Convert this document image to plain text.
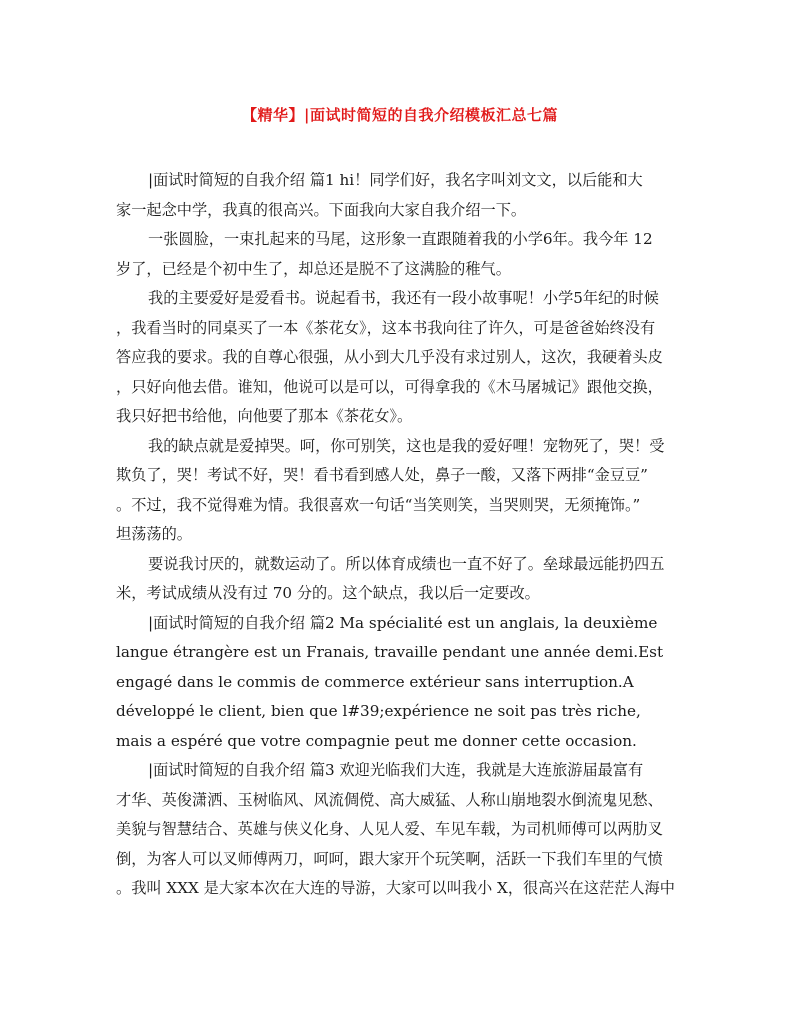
【精华】|面试时简短的自我介绍模板汇总七篇
|面试时简短的自我介绍 篇1 hi！同学们好，我名字叫刘文文，以后能和大
家一起念中学，我真的很高兴。下面我向大家自我介绍一下。
一张圆脸，一束扎起来的马尾，这形象一直跟随着我的小学6年。我今年 12
岁了，已经是个初中生了，却总还是脱不了这满脸的稚气。
我的主要爱好是爱看书。说起看书，我还有一段小故事呢！小学5年纪的时候
，我看当时的同桌买了一本《茶花女》，这本书我向往了许久，可是爸爸始终没有
答应我的要求。我的自尊心很强，从小到大几乎没有求过别人，这次，我硬着头皮
，只好向他去借。谁知，他说可以是可以，可得拿我的《木马屠城记》跟他交换，
我只好把书给他，向他要了那本《茶花女》。
我的缺点就是爱掉哭。呵，你可别笑，这也是我的爱好哩！宠物死了，哭！受
欺负了，哭！考试不好，哭！看书看到感人处，鼻子一酸，又落下两排“金豆豆”
。不过，我不觉得难为情。我很喜欢一句话“当笑则笑，当哭则哭，无须掩饰。”
坦荡荡的。
要说我讨厌的，就数运动了。所以体育成绩也一直不好了。垒球最远能扔四五
米，考试成绩从没有过 70 分的。这个缺点，我以后一定要改。
|面试时简短的自我介绍 篇2 Ma spécialité est un anglais, la deuxième
langue étrangère est un Franais, travaille pendant une année demi.Est
engagé dans le commis de commerce extérieur sans interruption.A
développé le client, bien que l#39;expérience ne soit pas très riche,
mais a espéré que votre compagnie peut me donner cette occasion.
|面试时简短的自我介绍 篇3 欢迎光临我们大连，我就是大连旅游届最富有
才华、英俊潇洒、玉树临风、风流倜傥、高大威猛、人称山崩地裂水倒流鬼见愁、
美貌与智慧结合、英雄与侠义化身、人见人爱、车见车载，为司机师傅可以两肋叉
倒，为客人可以叉师傅两刀，呵呵，跟大家开个玩笑啊，活跃一下我们车里的气愤
。我叫 XXX 是大家本次在大连的导游，大家可以叫我小 X，很高兴在这茫茫人海中
